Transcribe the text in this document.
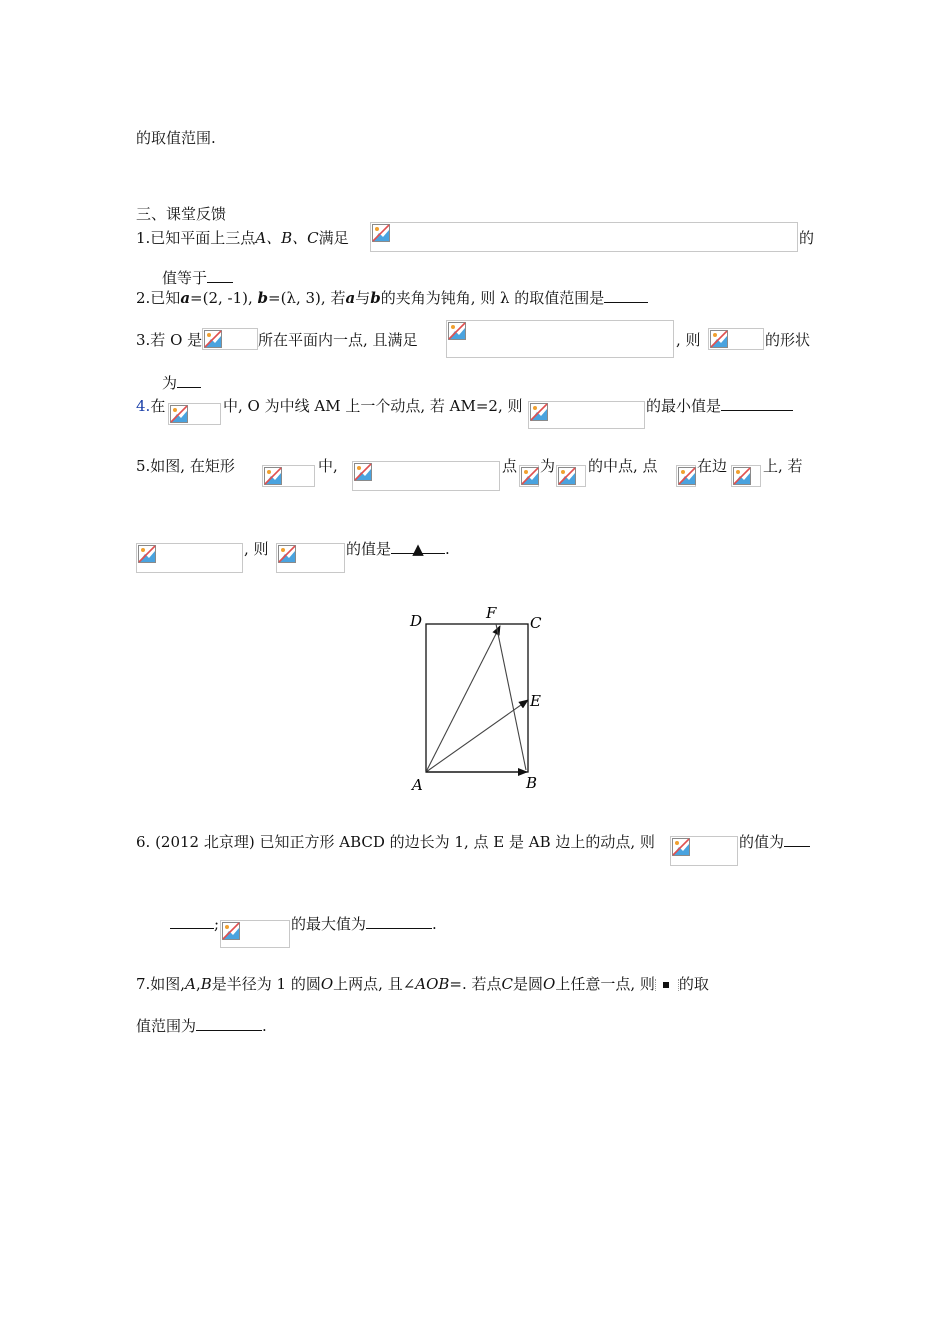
的取值范围.
三、课堂反馈
1.已知平面上三点A、B、C满足	的
值等于
2.已知a=(2, -1), b=(λ, 3), 若a与b的夹角为钝角, 则 λ 的取值范围是
3.若 O 是	所在平面内一点, 且满足	, 则	的形状
为
4.在	中, O 为中线 AM 上一个动点, 若 AM=2, 则	的最小值是
5.如图, 在矩形	中,	点 为 的中点, 点	在边 上, 若
, 则	的值是 ▲ .
D	F
C
E
A	B
6. (2012 北京理) 已知正方形 ABCD 的边长为 1, 点 E 是 AB 边上的动点, 则	的值为
;	的最大值为	.
7.如图,A,B是半径为 1 的圆O上两点, 且∠AOB=. 若点C是圆O上任意一点, 则 的取
值范围为	.
